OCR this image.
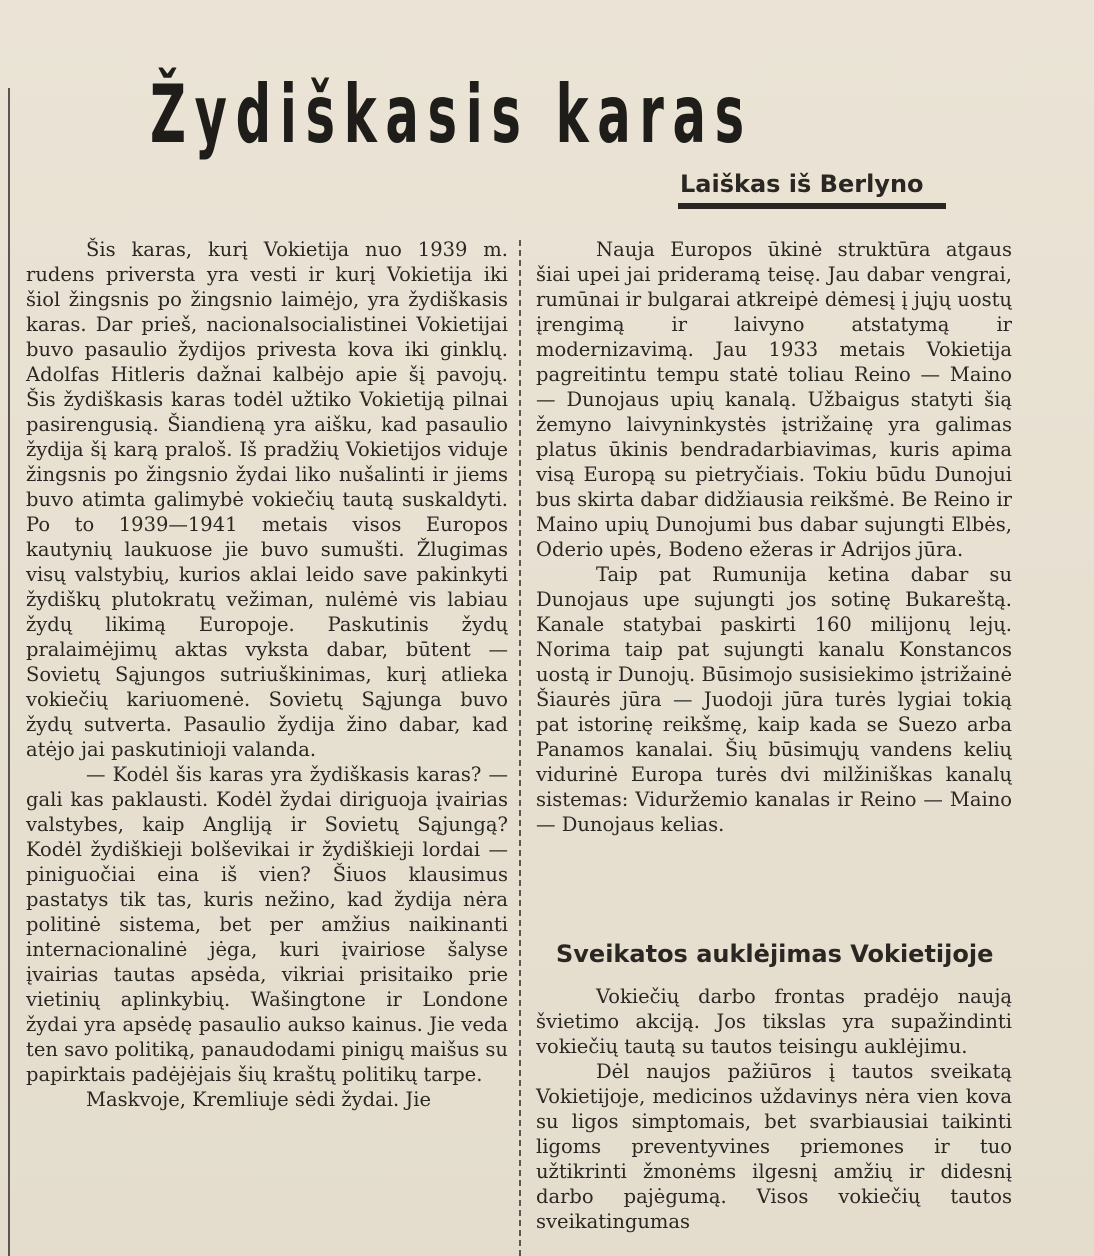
Žydiškasis karas
Laiškas iš Berlyno

Šis karas, kurį Vokietija nuo 1939 m. rudens priversta yra vesti ir kurį Vokietija iki šiol žingsnis po žingsnio laimėjo, yra žydiškasis karas. Dar prieš, nacionalsocialistinei Vokietijai buvo pasaulio žydijos privesta kova iki ginklų. Adolfas Hitleris dažnai kalbėjo apie šį pavojų. Šis žydiškasis karas todėl užtiko Vokietiją pilnai pasirengusią. Šiandieną yra aišku, kad pasaulio žydija šį karą praloš. Iš pradžių Vokietijos viduje žingsnis po žingsnio žydai liko nušalinti ir jiems buvo atimta galimybė vokiečių tautą suskaldyti. Po to 1939—1941 metais visos Europos kautynių laukuose jie buvo sumušti. Žlugimas visų valstybių, kurios aklai leido save pakinkyti žydiškų plutokratų vežiman, nulėmė vis labiau žydų likimą Europoje. Paskutinis žydų pralaimėjimų aktas vyksta dabar, būtent — Sovietų Sąjungos sutriuškinimas, kurį atlieka vokiečių kariuomenė. Sovietų Sąjunga buvo žydų sutverta. Pasaulio žydija žino dabar, kad atėjo jai paskutinioji valanda.

— Kodėl šis karas yra žydiškasis karas? — gali kas paklausti. Kodėl žydai diriguoja įvairias valstybes, kaip Angliją ir Sovietų Sąjungą? Kodėl žydiškieji bolševikai ir žydiškieji lordai — piniguočiai eina iš vien? Šiuos klausimus pastatys tik tas, kuris nežino, kad žydija nėra politinė sistema, bet per amžius naikinanti internacionalinė jėga, kuri įvairiose šalyse įvairias tautas apsėda, vikriai prisitaiko prie vietinių aplinkybių. Wašingtone ir Londone žydai yra apsėdę pasaulio aukso kainus. Jie veda ten savo politiką, panaudodami pinigų maišus su papirktais padėjėjais šių kraštų politikų tarpe.

Maskvoje, Kremliuje sėdi žydai. Jie

Nauja Europos ūkinė struktūra atgaus šiai upei jai prideramą teisę. Jau dabar vengrai, rumūnai ir bulgarai atkreipė dėmesį į jųjų uostų įrengimą ir laivyno atstatymą ir modernizavimą. Jau 1933 metais Vokietija pagreitintu tempu statė toliau Reino — Maino — Dunojaus upių kanalą. Užbaigus statyti šią žemyno laivyninkystės įstrižainę yra galimas platus ūkinis bendradarbiavimas, kuris apima visą Europą su pietryčiais. Tokiu būdu Dunojui bus skirta dabar didžiausia reikšmė. Be Reino ir Maino upių Dunojumi bus dabar sujungti Elbės, Oderio upės, Bodeno ežeras ir Adrijos jūra.

Taip pat Rumunija ketina dabar su Dunojaus upe sujungti jos sotinę Bukareštą. Kanale statybai paskirti 160 milijonų lejų. Norima taip pat sujungti kanalu Konstancos uostą ir Dunojų. Būsimojo susisiekimo įstrižainė Šiaurės jūra — Juodoji jūra turės lygiai tokią pat istorinę reikšmę, kaip kada se Suezo arba Panamos kanalai. Šių būsimųjų vandens kelių vidurinė Europa turės dvi milžiniškas kanalų sistemas: Viduržemio kanalas ir Reino — Maino — Dunojaus kelias.

Sveikatos auklėjimas Vokietijoje

Vokiečių darbo frontas pradėjo naują švietimo akciją. Jos tikslas yra supažindinti vokiečių tautą su tautos teisingu auklėjimu.

Dėl naujos pažiūros į tautos sveikatą Vokietijoje, medicinos uždavinys nėra vien kova su ligos simptomais, bet svarbiausiai taikinti ligoms preventyvines priemones ir tuo užtikrinti žmonėms ilgesnį amžių ir didesnį darbo pajėgumą. Visos vokiečių tautos sveikatingumas
